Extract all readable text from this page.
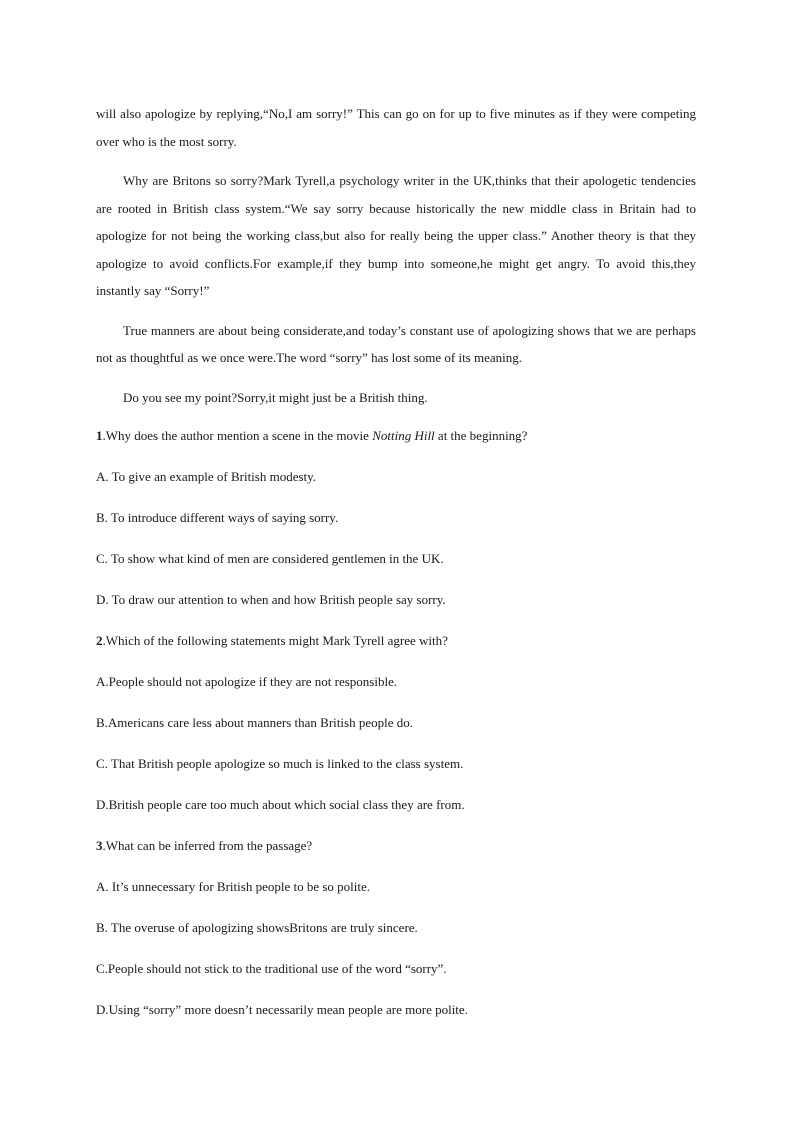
will also apologize by replying,“No,I am sorry!” This can go on for up to five minutes as if they were competing over who is the most sorry.

Why are Britons so sorry?Mark Tyrell,a psychology writer in the UK,thinks that their apologetic tendencies are rooted in British class system.“We say sorry because historically the new middle class in Britain had to apologize for not being the working class,but also for really being the upper class.” Another theory is that they apologize to avoid conflicts.For example,if they bump into someone,he might get angry. To avoid this,they instantly say “Sorry!”

True manners are about being considerate,and today’s constant use of apologizing shows that we are perhaps not as thoughtful as we once were.The word “sorry” has lost some of its meaning.

Do you see my point?Sorry,it might just be a British thing.

1.Why does the author mention a scene in the movie Notting Hill at the beginning?

A. To give an example of British modesty.

B. To introduce different ways of saying sorry.

C. To show what kind of men are considered gentlemen in the UK.

D. To draw our attention to when and how British people say sorry.

2.Which of the following statements might Mark Tyrell agree with?

A.People should not apologize if they are not responsible.

B.Americans care less about manners than British people do.

C. That British people apologize so much is linked to the class system.

D.British people care too much about which social class they are from.

3.What can be inferred from the passage?

A. It’s unnecessary for British people to be so polite.

B. The overuse of apologizing showsBritons are truly sincere.

C.People should not stick to the traditional use of the word “sorry”.

D.Using “sorry” more doesn’t necessarily mean people are more polite.
